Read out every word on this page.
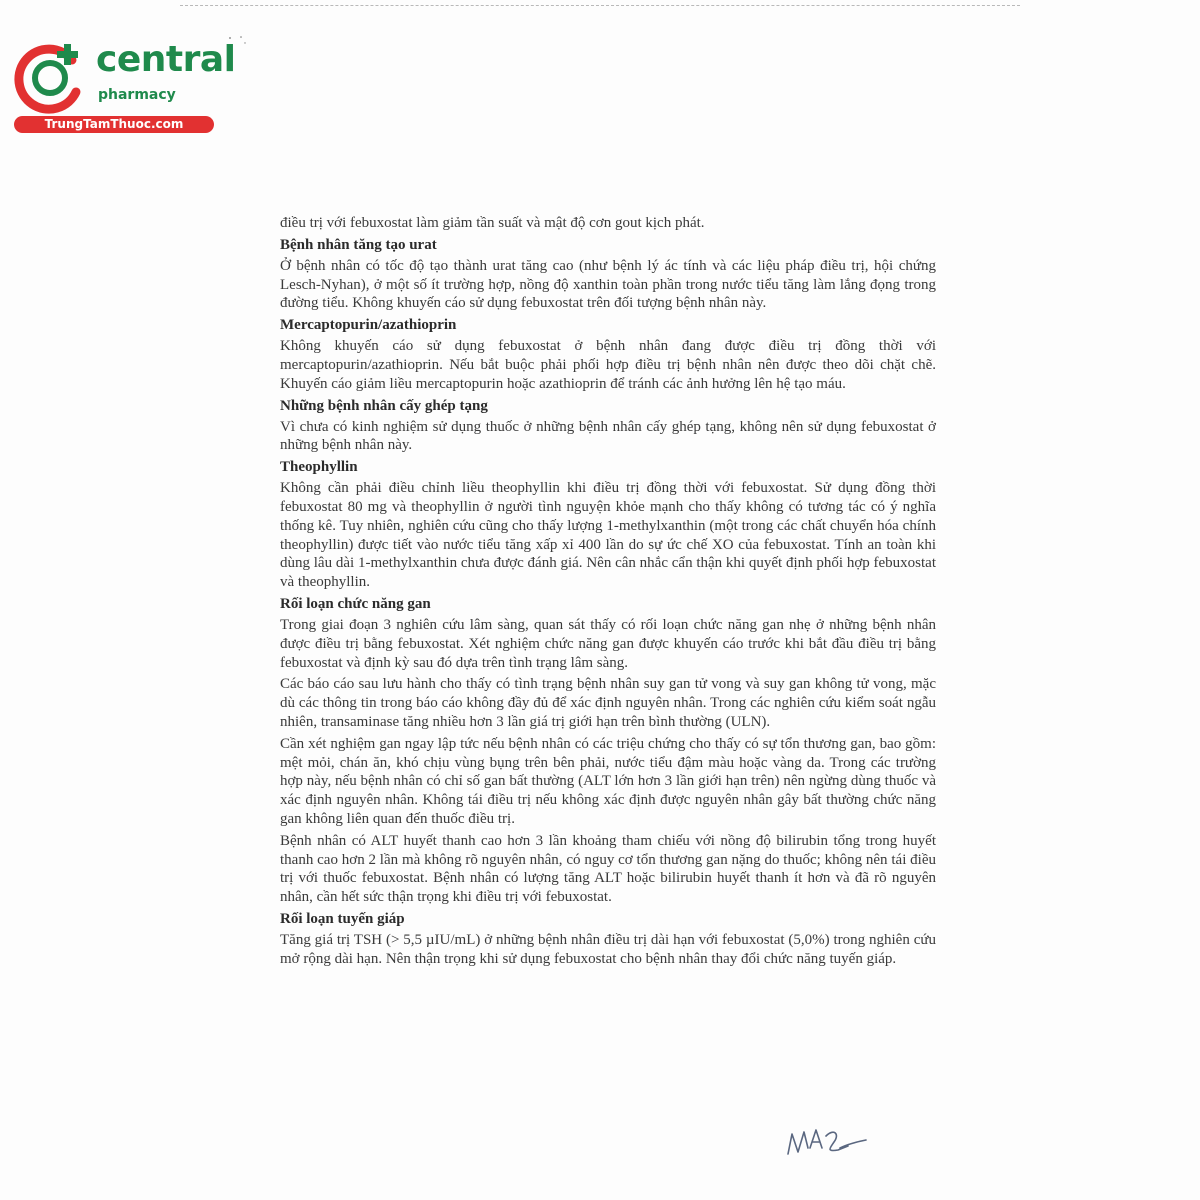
central
pharmacy
TrungTamThuoc.com

điều trị với febuxostat làm giảm tần suất và mật độ cơn gout kịch phát.

Bệnh nhân tăng tạo urat

Ở bệnh nhân có tốc độ tạo thành urat tăng cao (như bệnh lý ác tính và các liệu pháp điều trị, hội chứng Lesch-Nyhan), ở một số ít trường hợp, nồng độ xanthin toàn phần trong nước tiểu tăng làm lắng đọng trong đường tiểu. Không khuyến cáo sử dụng febuxostat trên đối tượng bệnh nhân này.

Mercaptopurin/azathioprin

Không khuyến cáo sử dụng febuxostat ở bệnh nhân đang được điều trị đồng thời với mercaptopurin/azathioprin. Nếu bắt buộc phải phối hợp điều trị bệnh nhân nên được theo dõi chặt chẽ. Khuyến cáo giảm liều mercaptopurin hoặc azathioprin để tránh các ảnh hưởng lên hệ tạo máu.

Những bệnh nhân cấy ghép tạng

Vì chưa có kinh nghiệm sử dụng thuốc ở những bệnh nhân cấy ghép tạng, không nên sử dụng febuxostat ở những bệnh nhân này.

Theophyllin

Không cần phải điều chỉnh liều theophyllin khi điều trị đồng thời với febuxostat. Sử dụng đồng thời febuxostat 80 mg và theophyllin ở người tình nguyện khỏe mạnh cho thấy không có tương tác có ý nghĩa thống kê. Tuy nhiên, nghiên cứu cũng cho thấy lượng 1-methylxanthin (một trong các chất chuyển hóa chính theophyllin) được tiết vào nước tiểu tăng xấp xỉ 400 lần do sự ức chế XO của febuxostat. Tính an toàn khi dùng lâu dài 1-methylxanthin chưa được đánh giá. Nên cân nhắc cẩn thận khi quyết định phối hợp febuxostat và theophyllin.

Rối loạn chức năng gan

Trong giai đoạn 3 nghiên cứu lâm sàng, quan sát thấy có rối loạn chức năng gan nhẹ ở những bệnh nhân được điều trị bằng febuxostat. Xét nghiệm chức năng gan được khuyến cáo trước khi bắt đầu điều trị bằng febuxostat và định kỳ sau đó dựa trên tình trạng lâm sàng.

Các báo cáo sau lưu hành cho thấy có tình trạng bệnh nhân suy gan tử vong và suy gan không tử vong, mặc dù các thông tin trong báo cáo không đầy đủ để xác định nguyên nhân. Trong các nghiên cứu kiểm soát ngẫu nhiên, transaminase tăng nhiều hơn 3 lần giá trị giới hạn trên bình thường (ULN).

Cần xét nghiệm gan ngay lập tức nếu bệnh nhân có các triệu chứng cho thấy có sự tổn thương gan, bao gồm: mệt mỏi, chán ăn, khó chịu vùng bụng trên bên phải, nước tiểu đậm màu hoặc vàng da. Trong các trường hợp này, nếu bệnh nhân có chỉ số gan bất thường (ALT lớn hơn 3 lần giới hạn trên) nên ngừng dùng thuốc và xác định nguyên nhân. Không tái điều trị nếu không xác định được nguyên nhân gây bất thường chức năng gan không liên quan đến thuốc điều trị.

Bệnh nhân có ALT huyết thanh cao hơn 3 lần khoảng tham chiếu với nồng độ bilirubin tổng trong huyết thanh cao hơn 2 lần mà không rõ nguyên nhân, có nguy cơ tổn thương gan nặng do thuốc; không nên tái điều trị với thuốc febuxostat. Bệnh nhân có lượng tăng ALT hoặc bilirubin huyết thanh ít hơn và đã rõ nguyên nhân, cần hết sức thận trọng khi điều trị với febuxostat.

Rối loạn tuyến giáp

Tăng giá trị TSH (> 5,5 µIU/mL) ở những bệnh nhân điều trị dài hạn với febuxostat (5,0%) trong nghiên cứu mở rộng dài hạn. Nên thận trọng khi sử dụng febuxostat cho bệnh nhân thay đổi chức năng tuyến giáp.
